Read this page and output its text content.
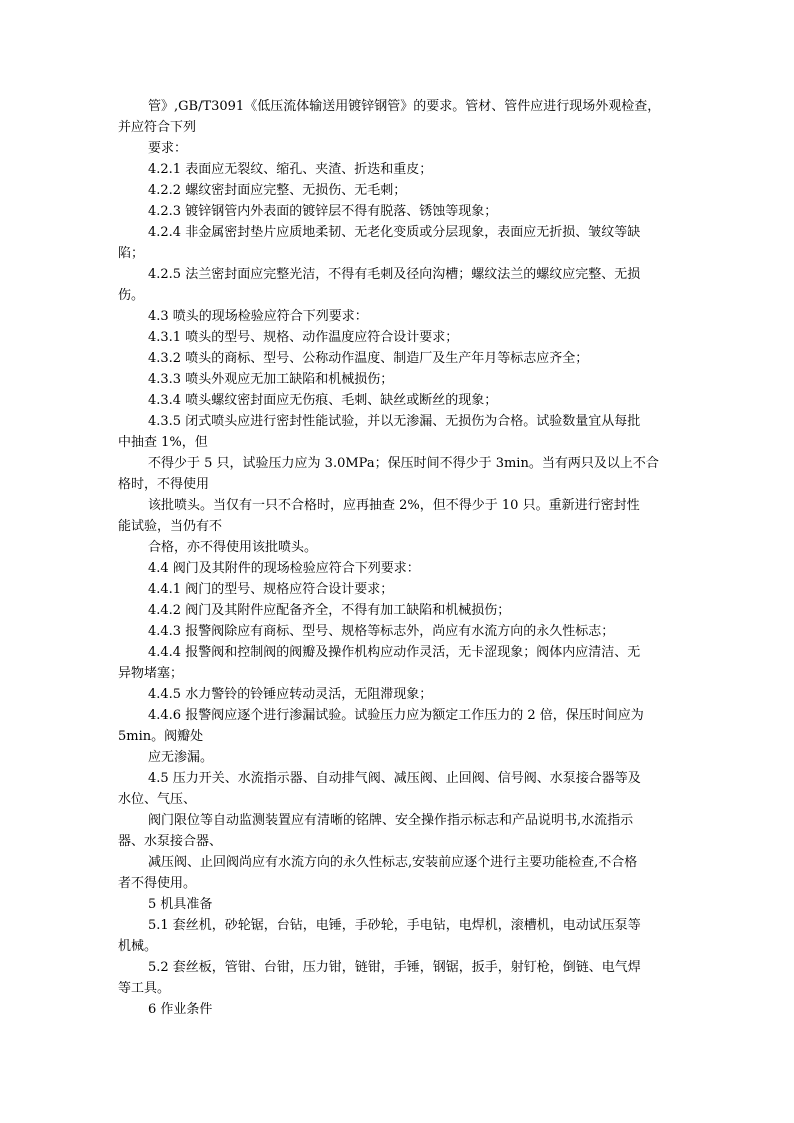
管》,GB/T3091《低压流体输送用镀锌钢管》的要求。管材、管件应进行现场外观检查，
并应符合下列
要求：
4.2.1 表面应无裂纹、缩孔、夹渣、折迭和重皮；
4.2.2 螺纹密封面应完整、无损伤、无毛刺；
4.2.3 镀锌钢管内外表面的镀锌层不得有脱落、锈蚀等现象；
4.2.4 非金属密封垫片应质地柔韧、无老化变质或分层现象，表面应无折损、皱纹等缺
陷；
4.2.5 法兰密封面应完整光洁，不得有毛刺及径向沟槽；螺纹法兰的螺纹应完整、无损
伤。
4.3 喷头的现场检验应符合下列要求：
4.3.1 喷头的型号、规格、动作温度应符合设计要求；
4.3.2 喷头的商标、型号、公称动作温度、制造厂及生产年月等标志应齐全；
4.3.3 喷头外观应无加工缺陷和机械损伤；
4.3.4 喷头螺纹密封面应无伤痕、毛刺、缺丝或断丝的现象；
4.3.5 闭式喷头应进行密封性能试验，并以无渗漏、无损伤为合格。试验数量宜从每批
中抽查 1%，但
不得少于 5 只，试验压力应为 3.0MPa；保压时间不得少于 3min。当有两只及以上不合
格时，不得使用
该批喷头。当仅有一只不合格时，应再抽查 2%，但不得少于 10 只。重新进行密封性
能试验，当仍有不
合格，亦不得使用该批喷头。
4.4 阀门及其附件的现场检验应符合下列要求：
4.4.1 阀门的型号、规格应符合设计要求；
4.4.2 阀门及其附件应配备齐全，不得有加工缺陷和机械损伤；
4.4.3 报警阀除应有商标、型号、规格等标志外，尚应有水流方向的永久性标志；
4.4.4 报警阀和控制阀的阀瓣及操作机构应动作灵活，无卡涩现象；阀体内应清洁、无
异物堵塞；
4.4.5 水力警铃的铃锤应转动灵活，无阻滞现象；
4.4.6 报警阀应逐个进行渗漏试验。试验压力应为额定工作压力的 2 倍，保压时间应为
5min。阀瓣处
应无渗漏。
4.5 压力开关、水流指示器、自动排气阀、减压阀、止回阀、信号阀、水泵接合器等及
水位、气压、
阀门限位等自动监测装置应有清晰的铭牌、安全操作指示标志和产品说明书,水流指示
器、水泵接合器、
减压阀、止回阀尚应有水流方向的永久性标志,安装前应逐个进行主要功能检查,不合格
者不得使用。
5 机具准备
5.1 套丝机，砂轮锯，台钻，电锤，手砂轮，手电钻，电焊机，滚槽机，电动试压泵等
机械。
5.2 套丝板，管钳、台钳，压力钳，链钳，手锤，钢锯，扳手，射钉枪，倒链、电气焊
等工具。
6 作业条件
